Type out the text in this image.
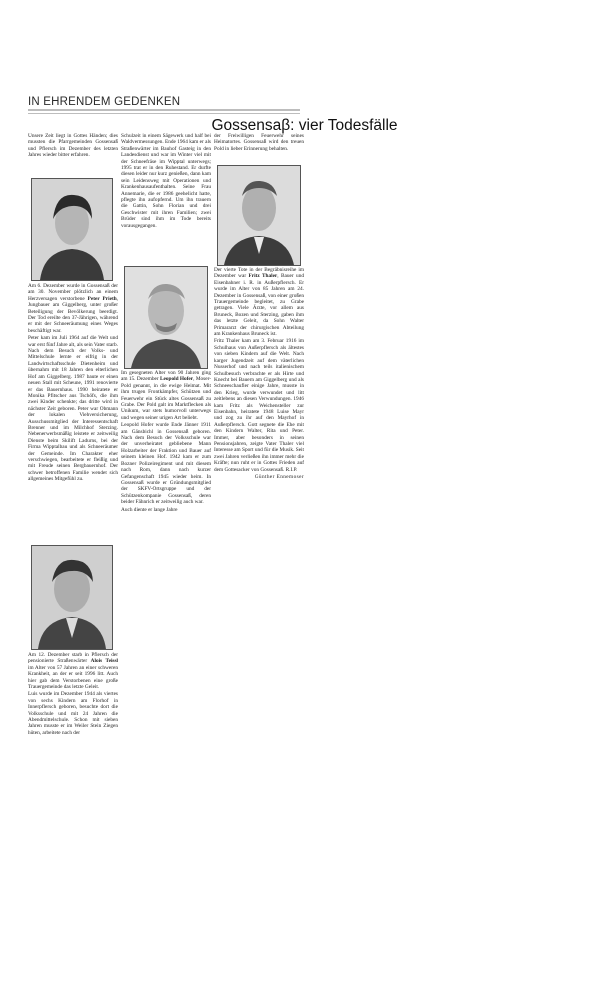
IN EHRENDEM GEDENKEN
Gossensaβ: vier Todesfälle

Unsere Zeit liegt in Gottes Händen; dies mussten die Pfarrgemeinden Gossensaß und Pflersch im Dezember des letzten Jahres wieder bitter erfahren.

Am 6. Dezember wurde in Gossensaß der am 30. November plötzlich an einem Herzversagen verstorbene Peter Prieth, Jungbauer am Giggelberg, unter großer Beteiligung der Bevölkerung beerdigt. Der Tod ereilte den 37-Jährigen, während er mit der Schneeräumung eines Weges beschäftigt war.

Peter kam im Juli 1964 auf die Welt und war erst fünf Jahre alt, als sein Vater starb. Nach dem Besuch der Volks- und Mittelschule lernte er eifrig in der Landwirtschaftsschule Dietenheim und übernahm mit 18 Jahren den elterlichen Hof am Giggelberg. 1987 baute er einen neuen Stall mit Scheune, 1991 renovierte er das Bauernhaus. 1990 heiratete er Monika Pfitscher aus Tschöfs, die ihm zwei Kinder schenkte; das dritte wird in nächster Zeit geboren. Peter war Obmann der lokalen Viehversicherung, Ausschussmitglied der Interessentschaft Brenner und im Milchhof Sterzing. Nebenerwerbsmäßig leistete er zeitweilig Dienste beim Skilift Ladurns, bei der Firma Wipptalbau und als Schneeräumer der Gemeinde. Im Charakter eher verschwiegen, bearbeitete er fleißig und mit Freude seinen Bergbauernhof. Der schwer betroffenen Familie wendet sich allgemeines Mitgefühl zu.

Am 12. Dezember starb in Pflersch der pensionierte Straßenwärter Alois Teissl im Alter von 57 Jahren an einer schweren Krankheit, an der er seit 1996 litt. Auch hier gab dem Verstorbenen eine große Trauergemeinde das letzte Geleit.

Luis wurde im Dezember 1944 als viertes von sechs Kindern am Florhof in Innerpflersch geboren, besuchte dort die Volksschule und mit 24 Jahren die Abendmittelschule. Schon mit sieben Jahren musste er im Weiler Stein Ziegen hüten, arbeitete nach der

Schulzeit in einem Sägewerk und half bei Waldvermessungen. Ende 1964 kam er als Straßenwärter im Bauhof Gasteig in den Landesdienst und war im Winter viel mit der Schneefräse im Wipptal unterwegs; 1995 trat er in den Ruhestand. Er durfte diesen leider nur kurz genießen, dann kam sein Leidensweg mit Operationen und Krankenhausaufenthalten. Seine Frau Annemarie, die er 1986 geehelicht hatte, pflegte ihn aufopfernd. Um ihn trauern die Gattin, Sohn Florian und drei Geschwister mit ihren Familien; zwei Brüder sind ihm im Tode bereits vorausgegangen.

Im gesegneten Alter von 90 Jahren ging am 15. Dezember Leopold Hofer, Moser-Pold genannt, in die ewige Heimat. Mit ihm trugen Frontkämpfer, Schützen und Feuerwehr ein Stück altes Gossensaß zu Grabe. Der Pold galt im Marktflecken als Unikum, war stets humorvoll unterwegs und wegen seiner urigen Art beliebt.

Leopold Hofer wurde Ende Jänner 1911 am Gänsbichl in Gossensaß geboren. Nach dem Besuch der Volksschule war der unverheiratet gebliebene Mann Holzarbeiter der Fraktion und Bauer auf seinem kleinen Hof. 1942 kam er zum Bozner Polizeiregiment und mit diesem nach Rom, dann nach kurzer Gefangenschaft 1945 wieder heim. In Gossensaß wurde er Gründungsmitglied der SKFV-Ortsgruppe und der Schützenkompanie Gossensaß, deren beider Fähnrich er zeitweilig auch war.

Auch diente er lange Jahre

der Freiwilligen Feuerwehr seines Heimatortes. Gossensaß wird den treuen Pold in lieber Erinnerung behalten.

Der vierte Tote in der Begräbnisreihe im Dezember war Fritz Thaler, Bauer und Eisenbahner i. R. in Außerpflersch. Er wurde im Alter von 85 Jahren am 24. Dezember in Gossensaß, von einer großen Trauergemeinde begleitet, zu Grabe getragen. Viele Ärzte, vor allem aus Bruneck, Bozen und Sterzing, gaben ihm das letzte Geleit, da Sohn Walter Primararzt der chirurgischen Abteilung am Krankenhaus Bruneck ist.

Fritz Thaler kam am 3. Februar 1916 im Schulhaus von Außerpflersch als ältestes von sieben Kindern auf die Welt. Nach karger Jugendzeit auf dem väterlichen Nusserhof und nach teils italienischem Schulbesuch verbrachte er als Hirte und Knecht bei Bauern am Giggelberg und als Schneeschaufler einige Jahre, musste in den Krieg, wurde verwundet und litt zeitlebens an diesen Verwundungen. 1946 kam Fritz als Weichensteller zur Eisenbahn, heiratete 1948 Luise Mayr und zog zu ihr auf den Mayrhof in Außerpflersch. Gott segnete die Ehe mit den Kindern Walter, Rita und Peter. Immer, aber besonders in seinen Pensionsjahren, zeigte Vater Thaler viel Interesse am Sport und für die Musik. Seit zwei Jahren verließen ihn immer mehr die Kräfte; nun ruht er in Gottes Frieden auf dem Gottesacker von Gossensaß. R.I.P.

Günther Ennemoser
